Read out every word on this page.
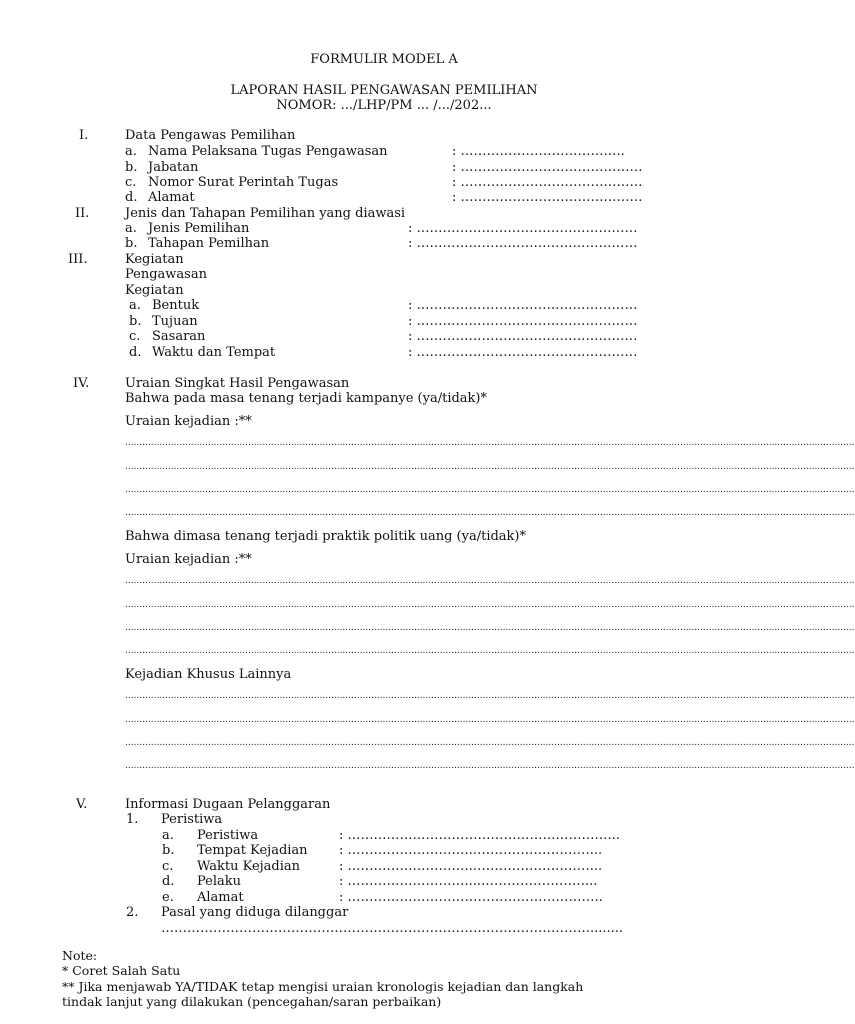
FORMULIR MODEL A
LAPORAN HASIL PENGAWASAN PEMILIHAN
NOMOR: .../LHP/PM ... /.../202...
I.	Data Pengawas Pemilihan
a. Nama Pelaksana Tugas Pengawasan	: ………………………………..
b. Jabatan	: ……………………………………
c. Nomor Surat Perintah Tugas	: ……………………………………
d. Alamat	: ……………………………………
II.	Jenis dan Tahapan Pemilihan yang diawasi
a. Jenis Pemilihan	: ……………………………………………
b. Tahapan Pemilhan	: ……………………………………………
III.	Kegiatan
Pengawasan
Kegiatan
a. Bentuk	: ……………………………………………
b. Tujuan	: ……………………………………………
c. Sasaran	: ……………………………………………
d. Waktu dan Tempat	: ……………………………………………
IV.	Uraian Singkat Hasil Pengawasan
Bahwa pada masa tenang terjadi kampanye (ya/tidak)*
Uraian kejadian :**
...............................................................................................................................................................................................................................................................
...............................................................................................................................................................................................................................................................
...............................................................................................................................................................................................................................................................
...............................................................................................................................................................................................................................................................
Bahwa dimasa tenang terjadi praktik politik uang (ya/tidak)*
Uraian kejadian :**
...............................................................................................................................................................................................................................................................
...............................................................................................................................................................................................................................................................
...............................................................................................................................................................................................................................................................
...............................................................................................................................................................................................................................................................
Kejadian Khusus Lainnya
...............................................................................................................................................................................................................................................................
...............................................................................................................................................................................................................................................................
...............................................................................................................................................................................................................................................................
...............................................................................................................................................................................................................................................................
V.	Informasi Dugaan Pelanggaran
1. Peristiwa
a. Peristiwa	: ……………………………………………………...
b. Tempat Kejadian : ………………………..………………………...
c. Waktu Kejadian	: ………………………..………………………...
d. Pelaku	: ………………………....……………………...
e. Alamat	: …………………………………………………..
2. Pasal yang diduga dilanggar
………………………………………………………………………………………........
Note:
* Coret Salah Satu
** Jika menjawab YA/TIDAK tetap mengisi uraian kronologis kejadian dan langkah
tindak lanjut yang dilakukan (pencegahan/saran perbaikan)
